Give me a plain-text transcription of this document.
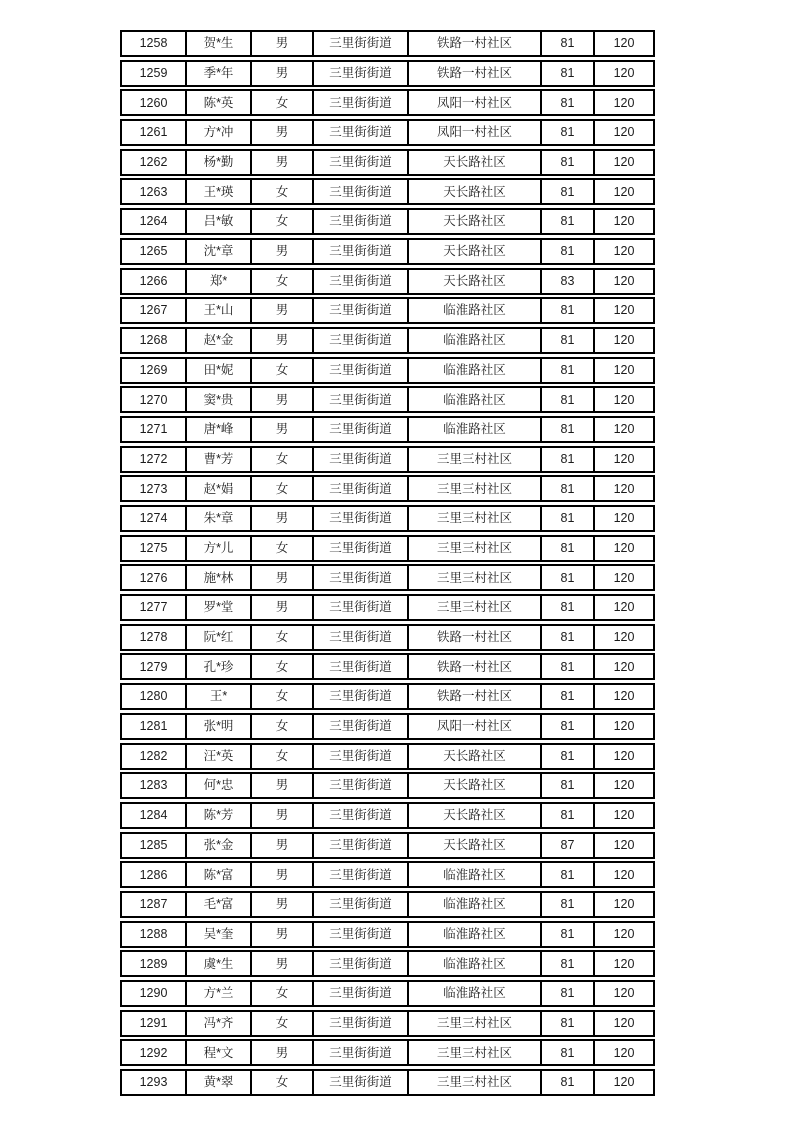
1258	贺*生	男	三里街街道	铁路一村社区	81	120
1259	季*年	男	三里街街道	铁路一村社区	81	120
1260	陈*英	女	三里街街道	凤阳一村社区	81	120
1261	方*冲	男	三里街街道	凤阳一村社区	81	120
1262	杨*勤	男	三里街街道	天长路社区	81	120
1263	王*瑛	女	三里街街道	天长路社区	81	120
1264	吕*敏	女	三里街街道	天长路社区	81	120
1265	沈*章	男	三里街街道	天长路社区	81	120
1266	郑*	女	三里街街道	天长路社区	83	120
1267	王*山	男	三里街街道	临淮路社区	81	120
1268	赵*金	男	三里街街道	临淮路社区	81	120
1269	田*妮	女	三里街街道	临淮路社区	81	120
1270	窦*贵	男	三里街街道	临淮路社区	81	120
1271	唐*峰	男	三里街街道	临淮路社区	81	120
1272	曹*芳	女	三里街街道	三里三村社区	81	120
1273	赵*娟	女	三里街街道	三里三村社区	81	120
1274	朱*章	男	三里街街道	三里三村社区	81	120
1275	方*儿	女	三里街街道	三里三村社区	81	120
1276	施*林	男	三里街街道	三里三村社区	81	120
1277	罗*堂	男	三里街街道	三里三村社区	81	120
1278	阮*红	女	三里街街道	铁路一村社区	81	120
1279	孔*珍	女	三里街街道	铁路一村社区	81	120
1280	王*	女	三里街街道	铁路一村社区	81	120
1281	张*明	女	三里街街道	凤阳一村社区	81	120
1282	汪*英	女	三里街街道	天长路社区	81	120
1283	何*忠	男	三里街街道	天长路社区	81	120
1284	陈*芳	男	三里街街道	天长路社区	81	120
1285	张*金	男	三里街街道	天长路社区	87	120
1286	陈*富	男	三里街街道	临淮路社区	81	120
1287	毛*富	男	三里街街道	临淮路社区	81	120
1288	吴*奎	男	三里街街道	临淮路社区	81	120
1289	虞*生	男	三里街街道	临淮路社区	81	120
1290	方*兰	女	三里街街道	临淮路社区	81	120
1291	冯*齐	女	三里街街道	三里三村社区	81	120
1292	程*文	男	三里街街道	三里三村社区	81	120
1293	黄*翠	女	三里街街道	三里三村社区	81	120
